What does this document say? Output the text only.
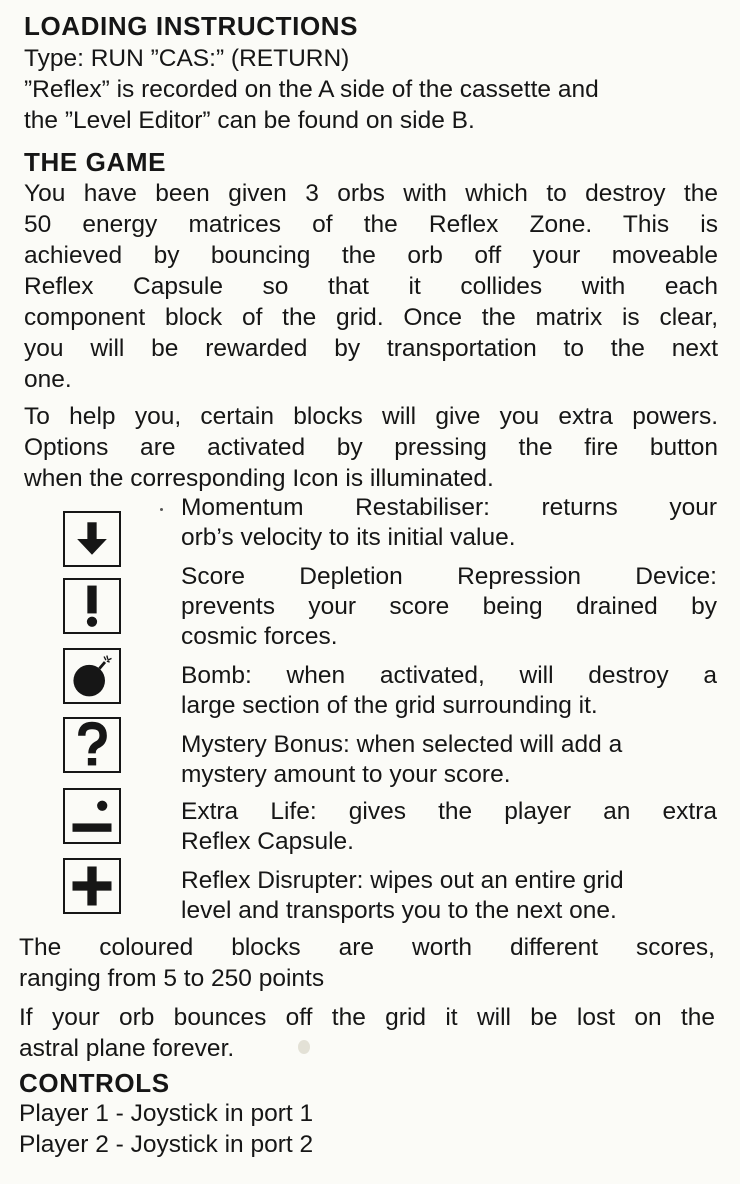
LOADING INSTRUCTIONS
Type: RUN ”CAS:” (RETURN)
”Reflex” is recorded on the A side of the cassette and
the ”Level Editor” can be found on side B.
THE GAME
You have been given 3 orbs with which to destroy the
50 energy matrices of the Reflex Zone. This is
achieved by bouncing the orb off your moveable
Reflex Capsule so that it collides with each
component block of the grid. Once the matrix is clear,
you will be rewarded by transportation to the next
one.
To help you, certain blocks will give you extra powers.
Options are activated by pressing the fire button
when the corresponding Icon is illuminated.

Momentum Restabiliser: returns your
orb’s velocity to its initial value.

Score Depletion Repression Device:
prevents your score being drained by
cosmic forces.

Bomb: when activated, will destroy a
large section of the grid surrounding it.

Mystery Bonus: when selected will add a
mystery amount to your score.

Extra Life: gives the player an extra
Reflex Capsule.

Reflex Disrupter: wipes out an entire grid
level and transports you to the next one.

The coloured blocks are worth different scores,
ranging from 5 to 250 points
If your orb bounces off the grid it will be lost on the
astral plane forever.
CONTROLS
Player 1 - Joystick in port 1
Player 2 - Joystick in port 2
